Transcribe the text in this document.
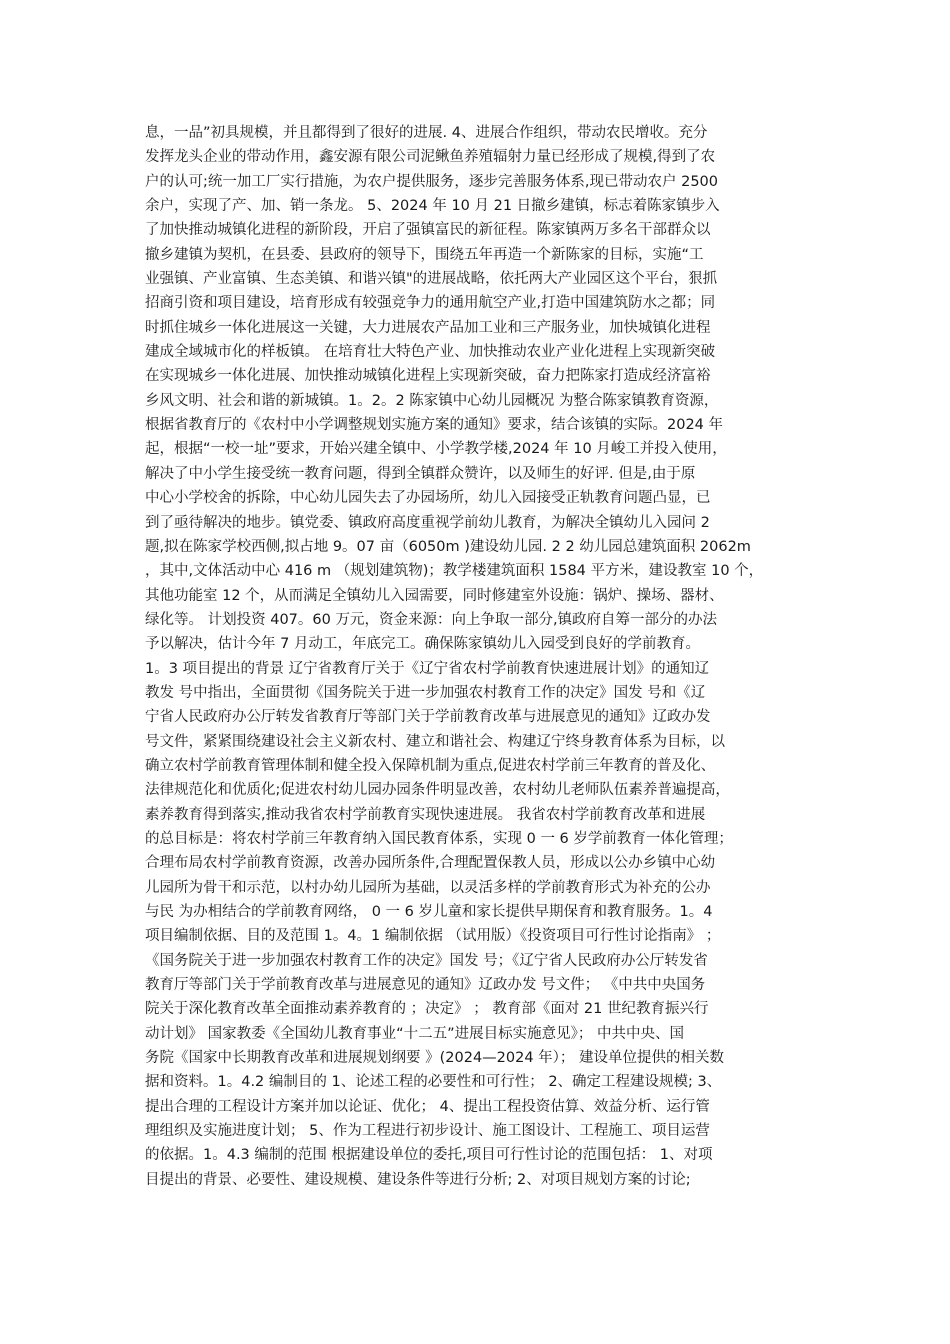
息，一品”初具规模，并且都得到了很好的进展. 4、进展合作组织，带动农民增收。充分
发挥龙头企业的带动作用，鑫安源有限公司泥鳅鱼养殖辐射力量已经形成了规模,得到了农
户的认可;统一加工厂实行措施，为农户提供服务，逐步完善服务体系,现已带动农户 2500
余户，实现了产、加、销一条龙。 5、2024 年 10 月 21 日撤乡建镇，标志着陈家镇步入
了加快推动城镇化进程的新阶段，开启了强镇富民的新征程。陈家镇两万多名干部群众以
撤乡建镇为契机，在县委、县政府的领导下，围绕五年再造一个新陈家的目标，实施“工
业强镇、产业富镇、生态美镇、和谐兴镇"的进展战略，依托两大产业园区这个平台，狠抓
招商引资和项目建设，培育形成有较强竞争力的通用航空产业,打造中国建筑防水之都；同
时抓住城乡一体化进展这一关键，大力进展农产品加工业和三产服务业，加快城镇化进程
建成全域城市化的样板镇。 在培育壮大特色产业、加快推动农业产业化进程上实现新突破
在实现城乡一体化进展、加快推动城镇化进程上实现新突破，奋力把陈家打造成经济富裕
乡风文明、社会和谐的新城镇。1。2。2 陈家镇中心幼儿园概况 为整合陈家镇教育资源，
根据省教育厅的《农村中小学调整规划实施方案的通知》要求，结合该镇的实际。2024 年
起，根据“一校一址”要求，开始兴建全镇中、小学教学楼,2024 年 10 月峻工并投入使用，
解决了中小学生接受统一教育问题，得到全镇群众赞许，以及师生的好评. 但是,由于原
中心小学校舍的拆除，中心幼儿园失去了办园场所，幼儿入园接受正轨教育问题凸显，已
到了亟待解决的地步。镇党委、镇政府高度重视学前幼儿教育，为解决全镇幼儿入园问 2
题,拟在陈家学校西侧,拟占地 9。07 亩（6050m )建设幼儿园. 2 2 幼儿园总建筑面积 2062m
，其中,文体活动中心 416 m （规划建筑物)；教学楼建筑面积 1584 平方米，建设教室 10 个，
其他功能室 12 个，从而满足全镇幼儿入园需要，同时修建室外设施：锅炉、操场、器材、
绿化等。 计划投资 407。60 万元，资金来源：向上争取一部分,镇政府自筹一部分的办法
予以解决，估计今年 7 月动工，年底完工。确保陈家镇幼儿入园受到良好的学前教育。
1。3 项目提出的背景 辽宁省教育厅关于《辽宁省农村学前教育快速进展计划》的通知辽
教发 号中指出，全面贯彻《国务院关于进一步加强农村教育工作的决定》国发 号和《辽
宁省人民政府办公厅转发省教育厅等部门关于学前教育改革与进展意见的通知》辽政办发
号文件，紧紧围绕建设社会主义新农村、建立和谐社会、构建辽宁终身教育体系为目标，以
确立农村学前教育管理体制和健全投入保障机制为重点,促进农村学前三年教育的普及化、
法律规范化和优质化;促进农村幼儿园办园条件明显改善，农村幼儿老师队伍素养普遍提高，
素养教育得到落实,推动我省农村学前教育实现快速进展。 我省农村学前教育改革和进展
的总目标是：将农村学前三年教育纳入国民教育体系，实现 0 一 6 岁学前教育一体化管理；
合理布局农村学前教育资源，改善办园所条件,合理配置保教人员，形成以公办乡镇中心幼
儿园所为骨干和示范，以村办幼儿园所为基础，以灵活多样的学前教育形式为补充的公办
与民 为办相结合的学前教育网络， 0 一 6 岁儿童和家长提供早期保育和教育服务。1。4
项目编制依据、目的及范围 1。4。1 编制依据 （试用版）《投资项目可行性讨论指南》 ；
《国务院关于进一步加强农村教育工作的决定》国发 号；《辽宁省人民政府办公厅转发省
教育厅等部门关于学前教育改革与进展意见的通知》辽政办发 号文件； 《中共中央国务
院关于深化教育改革全面推动素养教育的 ；决定》 ； 教育部《面对 21 世纪教育振兴行
动计划》 国家教委《全国幼儿教育事业“十二五”进展目标实施意见》； 中共中央、国
务院《国家中长期教育改革和进展规划纲要 》(2024—2024 年）； 建设单位提供的相关数
据和资料。1。4.2 编制目的 1、论述工程的必要性和可行性； 2、确定工程建设规模; 3、
提出合理的工程设计方案并加以论证、优化； 4、提出工程投资估算、效益分析、运行管
理组织及实施进度计划； 5、作为工程进行初步设计、施工图设计、工程施工、项目运营
的依据。1。4.3 编制的范围 根据建设单位的委托,项目可行性讨论的范围包括： 1、对项
目提出的背景、必要性、建设规模、建设条件等进行分析; 2、对项目规划方案的讨论;
